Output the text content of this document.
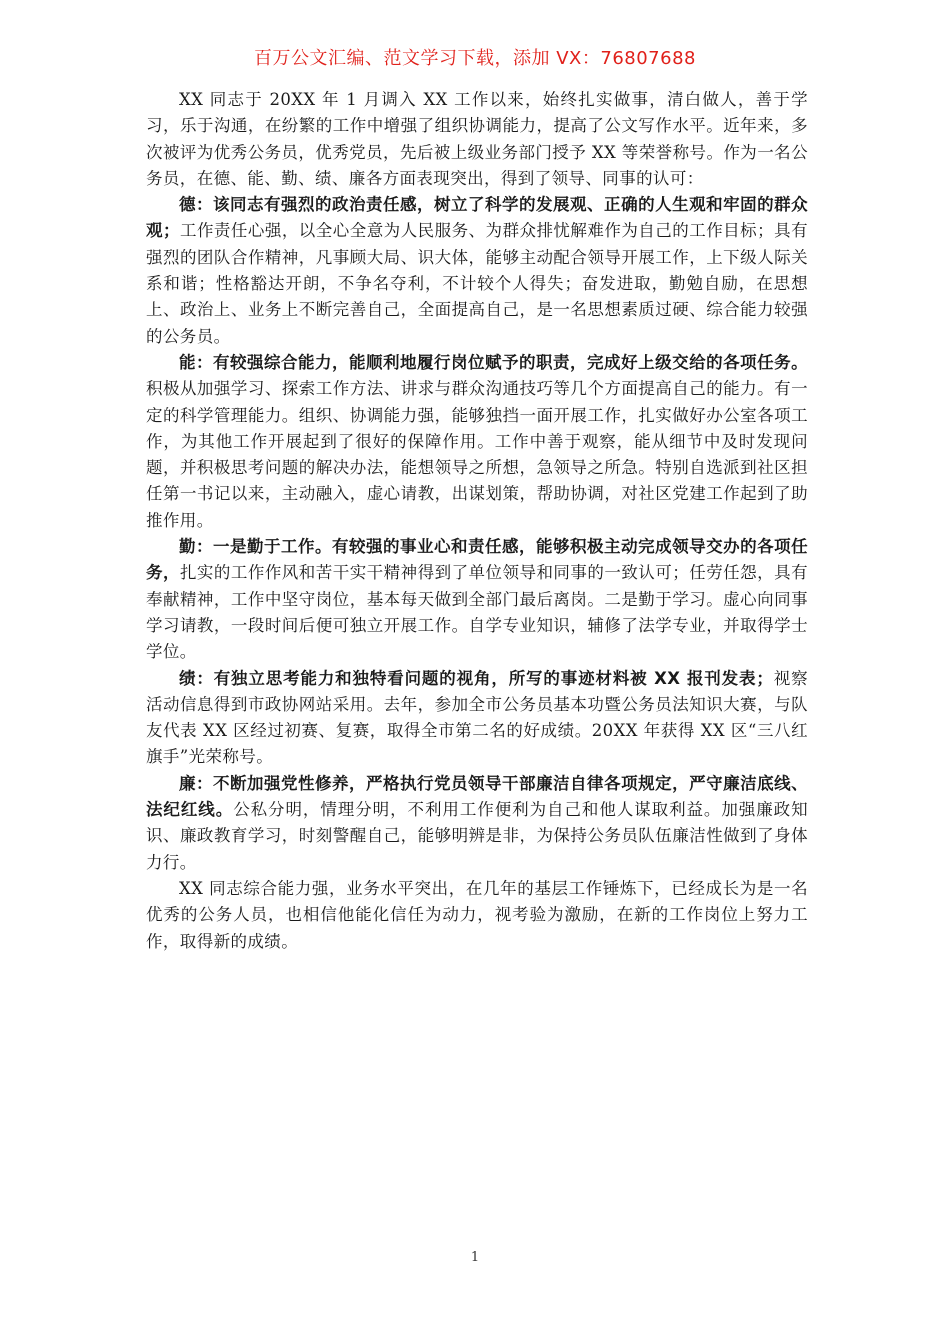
百万公文汇编、范文学习下载，添加 VX：76807688

XX 同志于 20XX 年 1 月调入 XX 工作以来，始终扎实做事，清白做人，善于学习，乐于沟通，在纷繁的工作中增强了组织协调能力，提高了公文写作水平。近年来，多次被评为优秀公务员，优秀党员，先后被上级业务部门授予 XX 等荣誉称号。作为一名公务员，在德、能、勤、绩、廉各方面表现突出，得到了领导、同事的认可：

德：该同志有强烈的政治责任感，树立了科学的发展观、正确的人生观和牢固的群众观；工作责任心强，以全心全意为人民服务、为群众排忧解难作为自己的工作目标；具有强烈的团队合作精神，凡事顾大局、识大体，能够主动配合领导开展工作，上下级人际关系和谐；性格豁达开朗，不争名夺利，不计较个人得失；奋发进取，勤勉自励，在思想上、政治上、业务上不断完善自己，全面提高自己，是一名思想素质过硬、综合能力较强的公务员。

能：有较强综合能力，能顺利地履行岗位赋予的职责，完成好上级交给的各项任务。积极从加强学习、探索工作方法、讲求与群众沟通技巧等几个方面提高自己的能力。有一定的科学管理能力。组织、协调能力强，能够独挡一面开展工作，扎实做好办公室各项工作，为其他工作开展起到了很好的保障作用。工作中善于观察，能从细节中及时发现问题，并积极思考问题的解决办法，能想领导之所想，急领导之所急。特别自选派到社区担任第一书记以来，主动融入，虚心请教，出谋划策，帮助协调，对社区党建工作起到了助推作用。

勤：一是勤于工作。有较强的事业心和责任感，能够积极主动完成领导交办的各项任务，扎实的工作作风和苦干实干精神得到了单位领导和同事的一致认可；任劳任怨，具有奉献精神，工作中坚守岗位，基本每天做到全部门最后离岗。二是勤于学习。虚心向同事学习请教，一段时间后便可独立开展工作。自学专业知识，辅修了法学专业，并取得学士学位。

绩：有独立思考能力和独特看问题的视角，所写的事迹材料被 XX 报刊发表；视察活动信息得到市政协网站采用。去年，参加全市公务员基本功暨公务员法知识大赛，与队友代表 XX 区经过初赛、复赛，取得全市第二名的好成绩。20XX 年获得 XX 区“三八红旗手”光荣称号。

廉：不断加强党性修养，严格执行党员领导干部廉洁自律各项规定，严守廉洁底线、法纪红线。公私分明，情理分明，不利用工作便利为自己和他人谋取利益。加强廉政知识、廉政教育学习，时刻警醒自己，能够明辨是非，为保持公务员队伍廉洁性做到了身体力行。

XX 同志综合能力强，业务水平突出，在几年的基层工作锤炼下，已经成长为是一名优秀的公务人员，也相信他能化信任为动力，视考验为激励，在新的工作岗位上努力工作，取得新的成绩。

1
